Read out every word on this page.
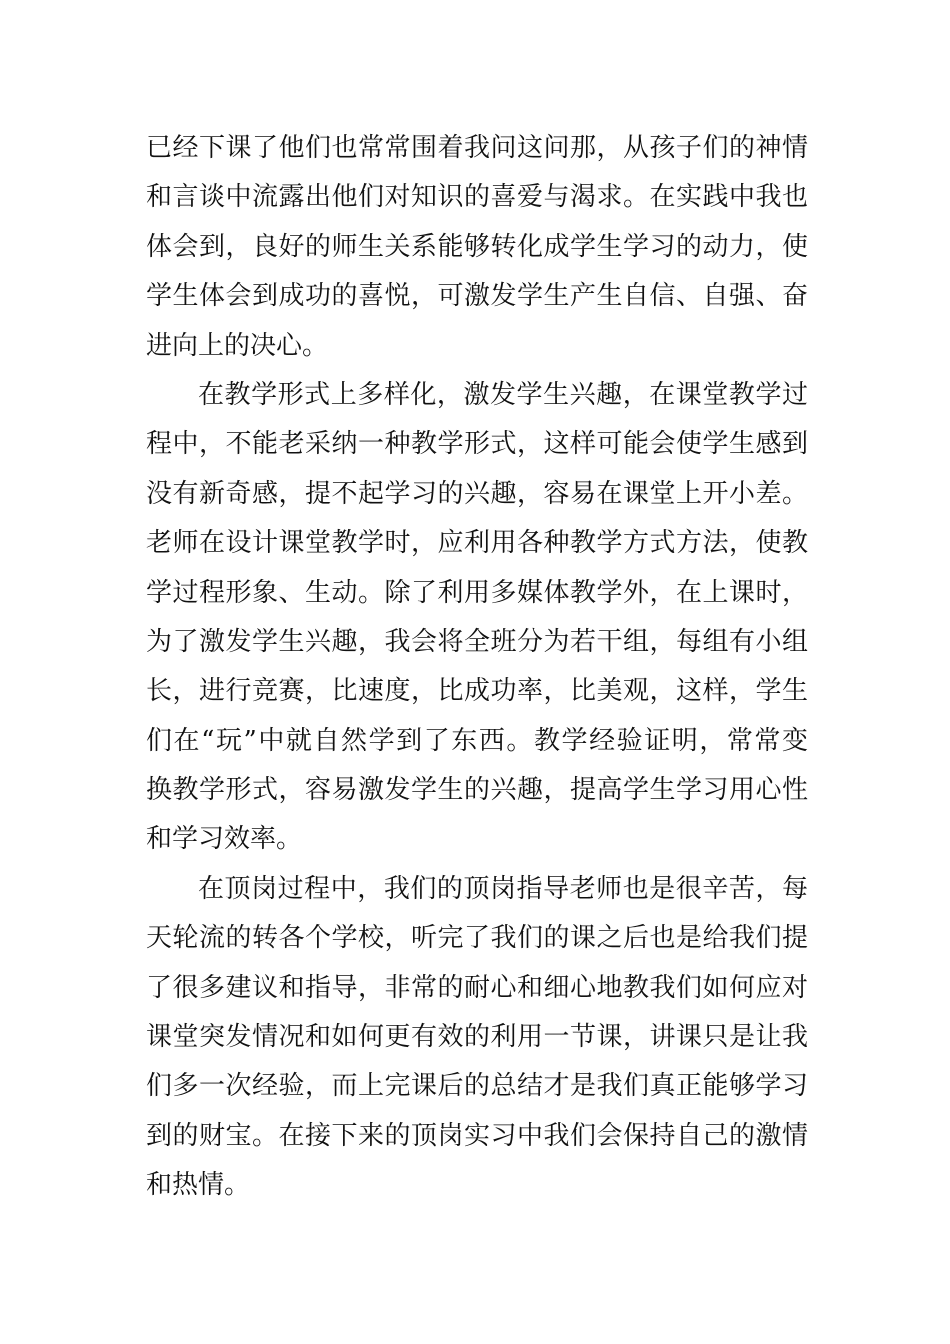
已经下课了他们也常常围着我问这问那，从孩子们的神情
和言谈中流露出他们对知识的喜爱与渴求。在实践中我也
体会到，良好的师生关系能够转化成学生学习的动力，使
学生体会到成功的喜悦，可激发学生产生自信、自强、奋
进向上的决心。
在教学形式上多样化，激发学生兴趣，在课堂教学过
程中，不能老采纳一种教学形式，这样可能会使学生感到
没有新奇感，提不起学习的兴趣，容易在课堂上开小差。
老师在设计课堂教学时，应利用各种教学方式方法，使教
学过程形象、生动。除了利用多媒体教学外，在上课时，
为了激发学生兴趣，我会将全班分为若干组，每组有小组
长，进行竞赛，比速度，比成功率，比美观，这样，学生
们在“玩”中就自然学到了东西。教学经验证明，常常变
换教学形式，容易激发学生的兴趣，提高学生学习用心性
和学习效率。
在顶岗过程中，我们的顶岗指导老师也是很辛苦，每
天轮流的转各个学校，听完了我们的课之后也是给我们提
了很多建议和指导，非常的耐心和细心地教我们如何应对
课堂突发情况和如何更有效的利用一节课，讲课只是让我
们多一次经验，而上完课后的总结才是我们真正能够学习
到的财宝。在接下来的顶岗实习中我们会保持自己的激情
和热情。
